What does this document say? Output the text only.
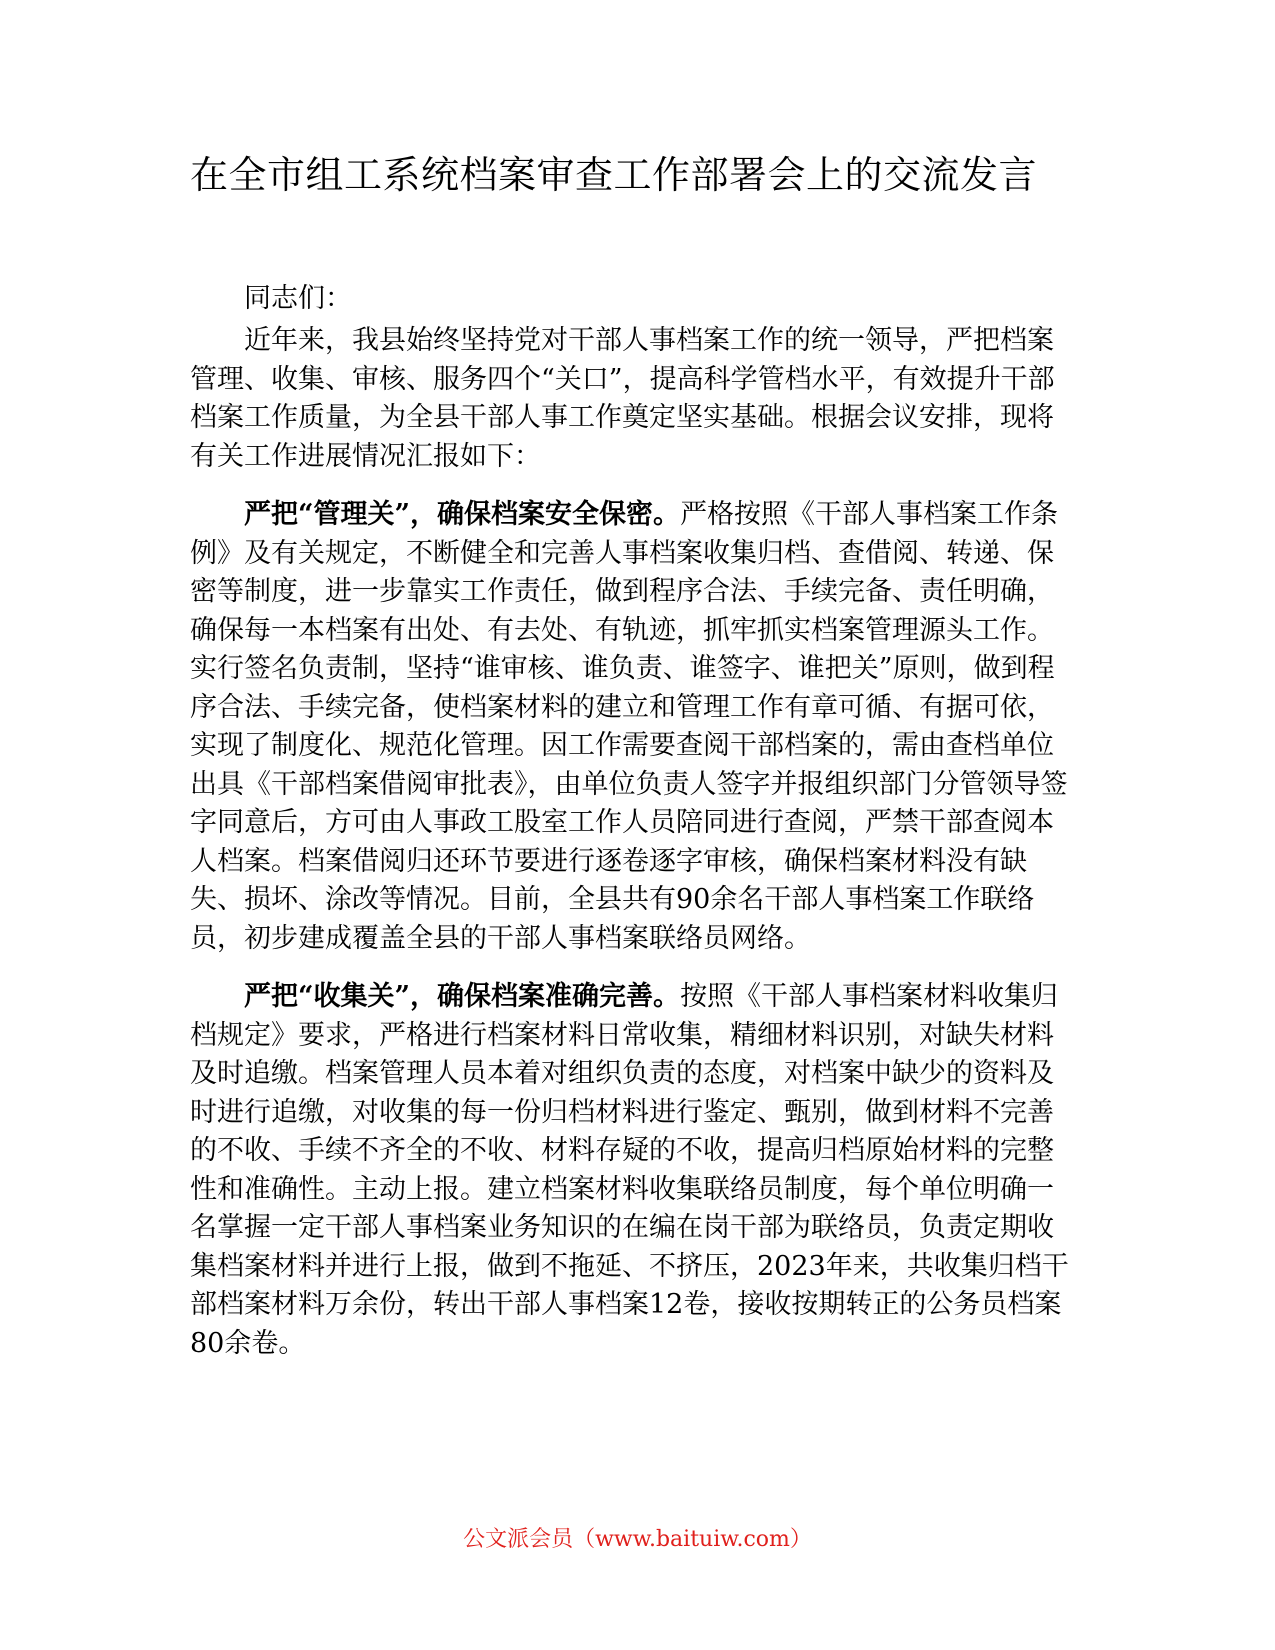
在全市组工系统档案审查工作部署会上的交流发言
同志们：

近年来，我县始终坚持党对干部人事档案工作的统一领导，严把档案管理、收集、审核、服务四个“关口”，提高科学管档水平，有效提升干部档案工作质量，为全县干部人事工作奠定坚实基础。根据会议安排，现将有关工作进展情况汇报如下：

严把“管理关”，确保档案安全保密。严格按照《干部人事档案工作条例》及有关规定，不断健全和完善人事档案收集归档、查借阅、转递、保密等制度，进一步靠实工作责任，做到程序合法、手续完备、责任明确，确保每一本档案有出处、有去处、有轨迹，抓牢抓实档案管理源头工作。实行签名负责制，坚持“谁审核、谁负责、谁签字、谁把关”原则，做到程序合法、手续完备，使档案材料的建立和管理工作有章可循、有据可依，实现了制度化、规范化管理。因工作需要查阅干部档案的，需由查档单位出具《干部档案借阅审批表》，由单位负责人签字并报组织部门分管领导签字同意后，方可由人事政工股室工作人员陪同进行查阅，严禁干部查阅本人档案。档案借阅归还环节要进行逐卷逐字审核，确保档案材料没有缺失、损坏、涂改等情况。目前，全县共有90余名干部人事档案工作联络员，初步建成覆盖全县的干部人事档案联络员网络。

严把“收集关”，确保档案准确完善。按照《干部人事档案材料收集归档规定》要求，严格进行档案材料日常收集，精细材料识别，对缺失材料及时追缴。档案管理人员本着对组织负责的态度，对档案中缺少的资料及时进行追缴，对收集的每一份归档材料进行鉴定、甄别，做到材料不完善的不收、手续不齐全的不收、材料存疑的不收，提高归档原始材料的完整性和准确性。主动上报。建立档案材料收集联络员制度，每个单位明确一名掌握一定干部人事档案业务知识的在编在岗干部为联络员，负责定期收集档案材料并进行上报，做到不拖延、不挤压，2023年来，共收集归档干部档案材料万余份，转出干部人事档案12卷，接收按期转正的公务员档案80余卷。

公文派会员（www.baituiw.com）
